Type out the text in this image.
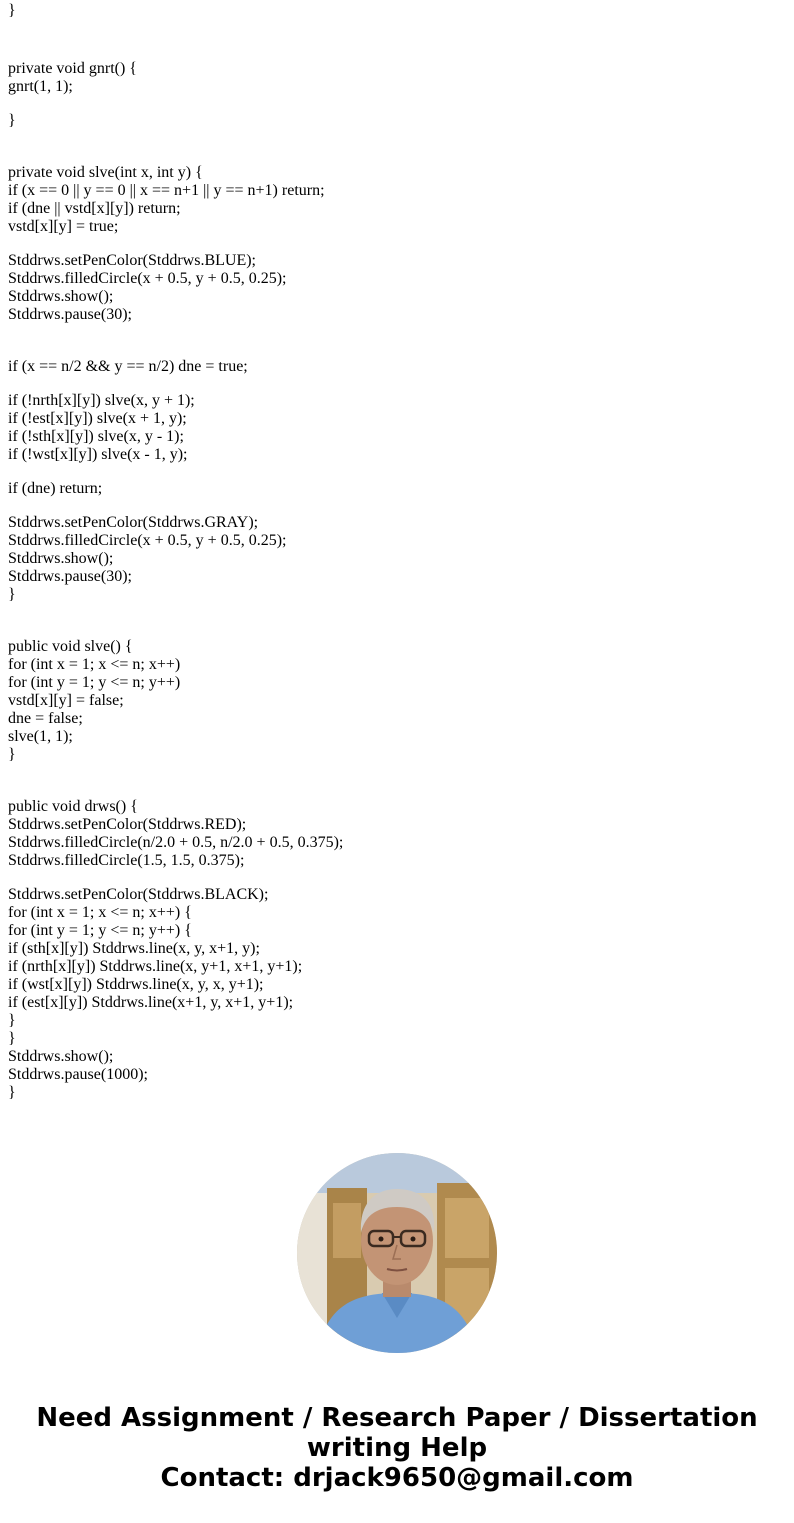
}
private void gnrt() {
gnrt(1, 1);
}
private void slve(int x, int y) {
if (x == 0 || y == 0 || x == n+1 || y == n+1) return;
if (dne || vstd[x][y]) return;
vstd[x][y] = true;
Stddrws.setPenColor(Stddrws.BLUE);
Stddrws.filledCircle(x + 0.5, y + 0.5, 0.25);
Stddrws.show();
Stddrws.pause(30);
if (x == n/2 && y == n/2) dne = true;
if (!nrth[x][y]) slve(x, y + 1);
if (!est[x][y]) slve(x + 1, y);
if (!sth[x][y]) slve(x, y - 1);
if (!wst[x][y]) slve(x - 1, y);
if (dne) return;
Stddrws.setPenColor(Stddrws.GRAY);
Stddrws.filledCircle(x + 0.5, y + 0.5, 0.25);
Stddrws.show();
Stddrws.pause(30);
}
public void slve() {
for (int x = 1; x <= n; x++)
for (int y = 1; y <= n; y++)
vstd[x][y] = false;
dne = false;
slve(1, 1);
}
public void drws() {
Stddrws.setPenColor(Stddrws.RED);
Stddrws.filledCircle(n/2.0 + 0.5, n/2.0 + 0.5, 0.375);
Stddrws.filledCircle(1.5, 1.5, 0.375);
Stddrws.setPenColor(Stddrws.BLACK);
for (int x = 1; x <= n; x++) {
for (int y = 1; y <= n; y++) {
if (sth[x][y]) Stddrws.line(x, y, x+1, y);
if (nrth[x][y]) Stddrws.line(x, y+1, x+1, y+1);
if (wst[x][y]) Stddrws.line(x, y, x, y+1);
if (est[x][y]) Stddrws.line(x+1, y, x+1, y+1);
}
}
Stddrws.show();
Stddrws.pause(1000);
}
Need Assignment / Research Paper / Dissertation
writing Help
Contact: drjack9650@gmail.com
